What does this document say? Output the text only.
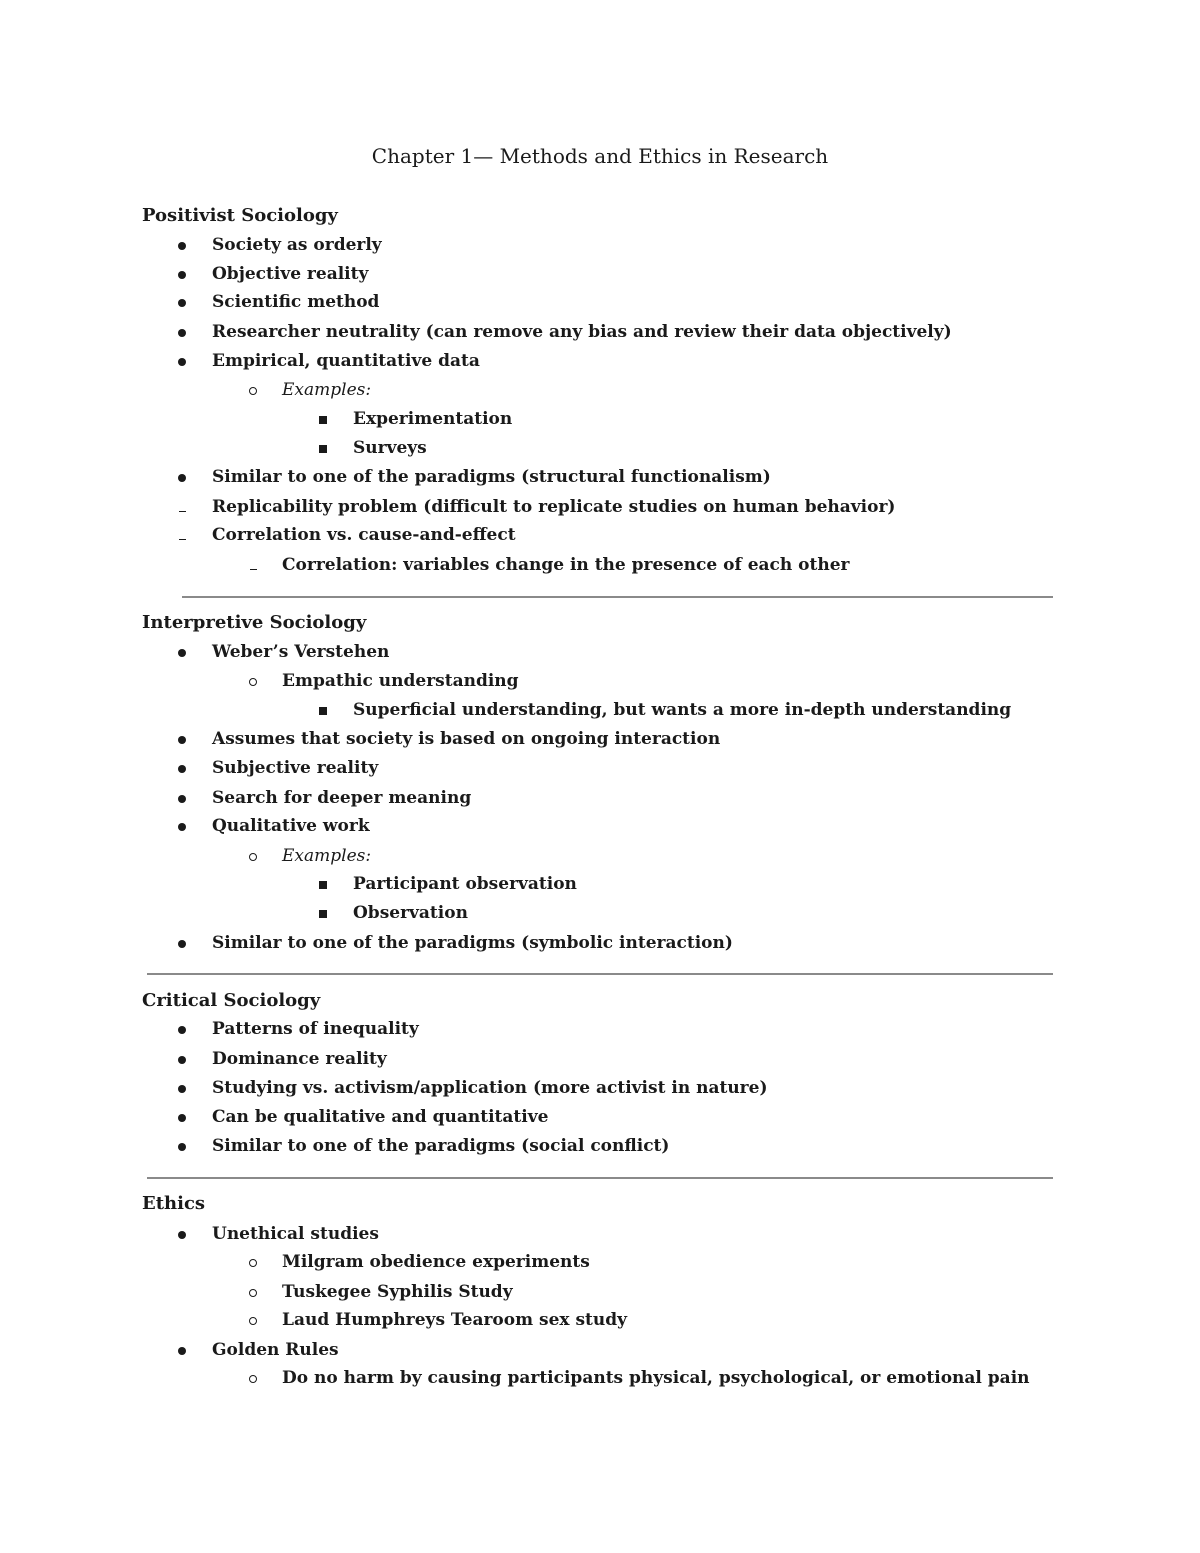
Chapter 1— Methods and Ethics in Research
Positivist Sociology
Society as orderly
Objective reality
Scientific method
Researcher neutrality (can remove any bias and review their data objectively)
Empirical, quantitative data
Examples:
Experimentation
Surveys
Similar to one of the paradigms (structural functionalism)
Replicability problem (difficult to replicate studies on human behavior)
Correlation vs. cause-and-effect
Correlation: variables change in the presence of each other
Interpretive Sociology
Weber’s Verstehen
Empathic understanding
Superficial understanding, but wants a more in-depth understanding
Assumes that society is based on ongoing interaction
Subjective reality
Search for deeper meaning
Qualitative work
Examples:
Participant observation
Observation
Similar to one of the paradigms (symbolic interaction)
Critical Sociology
Patterns of inequality
Dominance reality
Studying vs. activism/application (more activist in nature)
Can be qualitative and quantitative
Similar to one of the paradigms (social conflict)
Ethics
Unethical studies
Milgram obedience experiments
Tuskegee Syphilis Study
Laud Humphreys Tearoom sex study
Golden Rules
Do no harm by causing participants physical, psychological, or emotional pain
